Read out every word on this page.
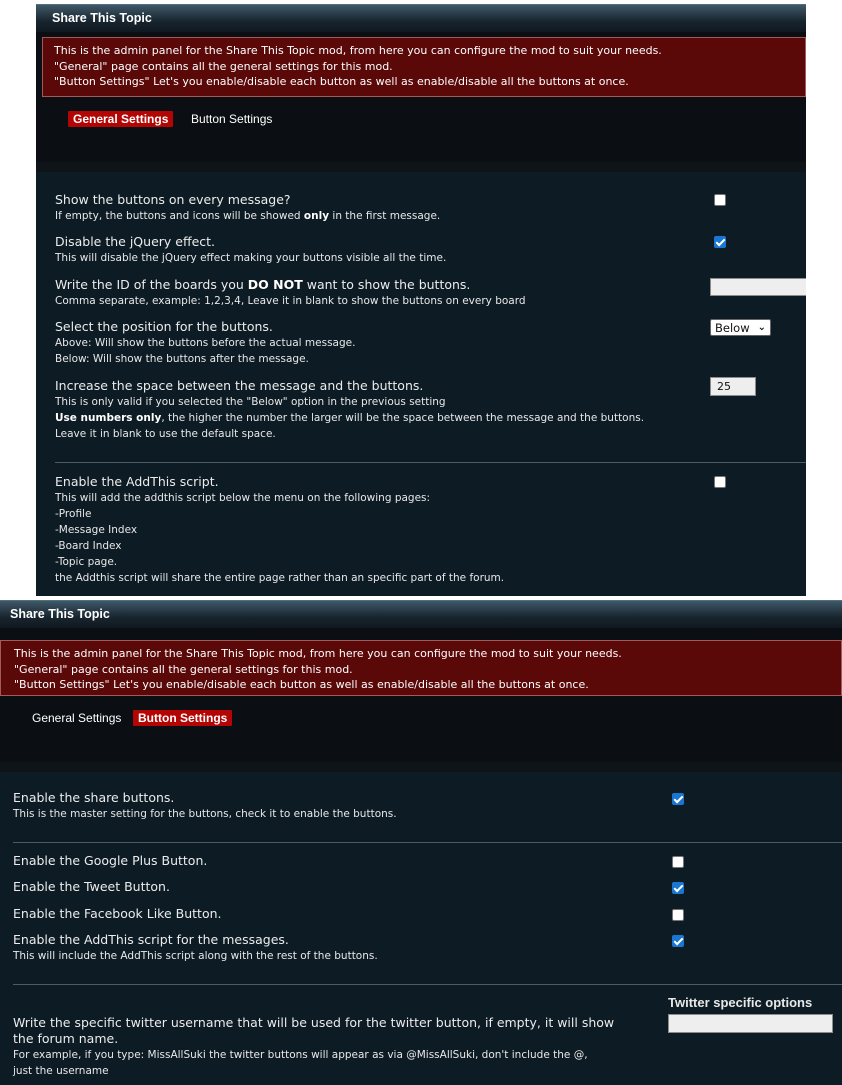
Share This Topic
This is the admin panel for the Share This Topic mod, from here you can configure the mod to suit your needs.
"General" page contains all the general settings for this mod.
"Button Settings" Let's you enable/disable each button as well as enable/disable all the buttons at once.
General Settings	Button Settings
Show the buttons on every message?
If empty, the buttons and icons will be showed only in the first message.
Disable the jQuery effect.
This will disable the jQuery effect making your buttons visible all the time.
Write the ID of the boards you DO NOT want to show the buttons.
Comma separate, example: 1,2,3,4, Leave it in blank to show the buttons on every board
Select the position for the buttons.
Above: Will show the buttons before the actual message.
Below: Will show the buttons after the message.
Below ⌄
Increase the space between the message and the buttons.
This is only valid if you selected the "Below" option in the previous setting
Use numbers only, the higher the number the larger will be the space between the message and the buttons.
Leave it in blank to use the default space.
25
Enable the AddThis script.
This will add the addthis script below the menu on the following pages:
-Profile
-Message Index
-Board Index
-Topic page.
the Addthis script will share the entire page rather than an specific part of the forum.
Share This Topic
This is the admin panel for the Share This Topic mod, from here you can configure the mod to suit your needs.
"General" page contains all the general settings for this mod.
"Button Settings" Let's you enable/disable each button as well as enable/disable all the buttons at once.
General Settings	Button Settings
Enable the share buttons.
This is the master setting for the buttons, check it to enable the buttons.
Enable the Google Plus Button.
Enable the Tweet Button.
Enable the Facebook Like Button.
Enable the AddThis script for the messages.
This will include the AddThis script along with the rest of the buttons.
Twitter specific options
Write the specific twitter username that will be used for the twitter button, if empty, it will show
the forum name.
For example, if you type: MissAllSuki the twitter buttons will appear as via @MissAllSuki, don't include the @,
just the username
